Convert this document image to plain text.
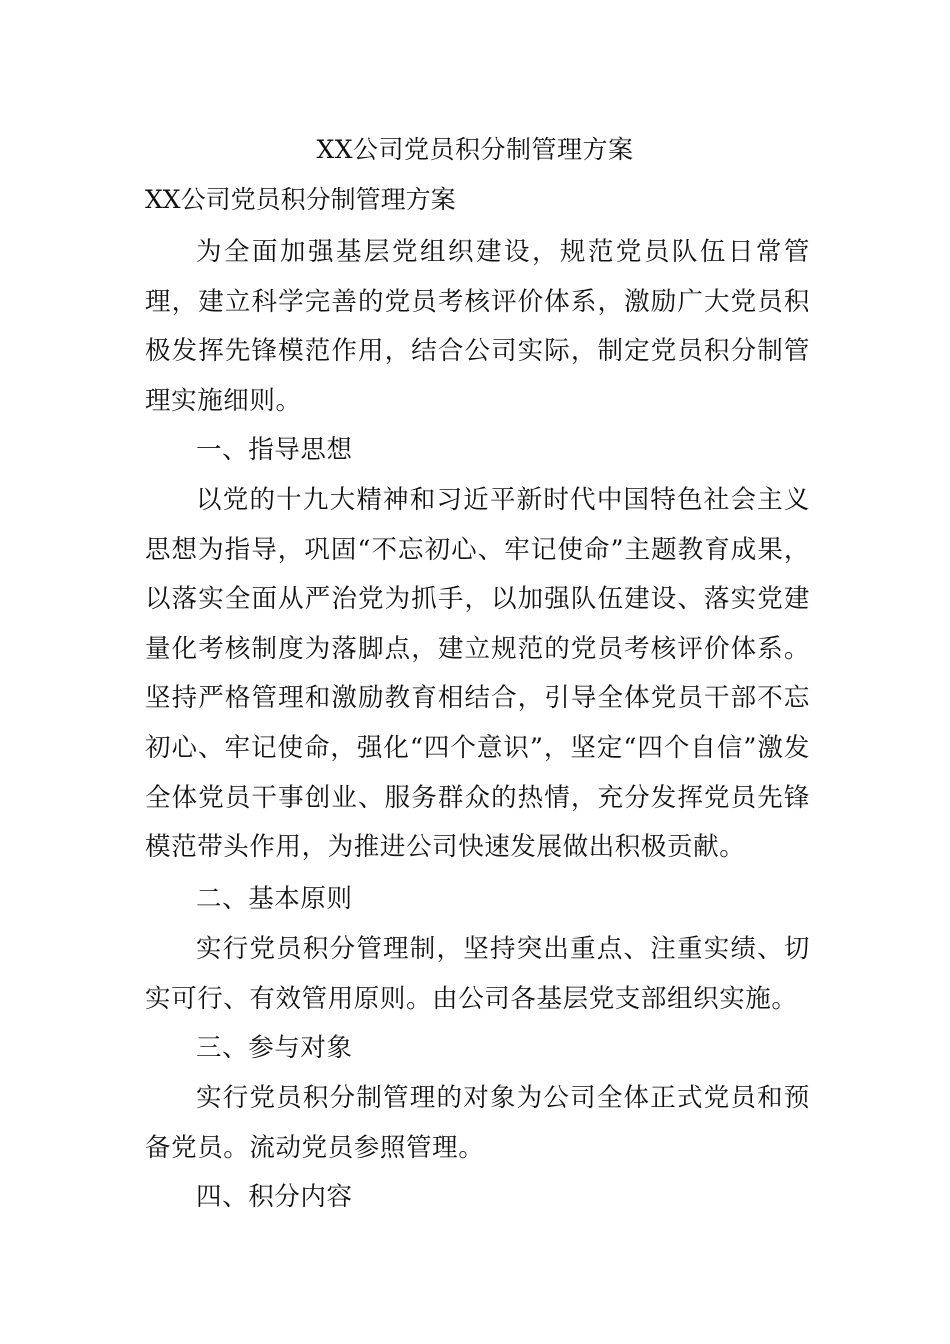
XX公司党员积分制管理方案
XX公司党员积分制管理方案

为全面加强基层党组织建设，规范党员队伍日常管理，建立科学完善的党员考核评价体系，激励广大党员积极发挥先锋模范作用，结合公司实际，制定党员积分制管理实施细则。

一、指导思想

以党的十九大精神和习近平新时代中国特色社会主义思想为指导，巩固“不忘初心、牢记使命”主题教育成果，以落实全面从严治党为抓手，以加强队伍建设、落实党建量化考核制度为落脚点，建立规范的党员考核评价体系。坚持严格管理和激励教育相结合，引导全体党员干部不忘初心、牢记使命，强化“四个意识”，坚定“四个自信”激发全体党员干事创业、服务群众的热情，充分发挥党员先锋模范带头作用，为推进公司快速发展做出积极贡献。

二、基本原则

实行党员积分管理制，坚持突出重点、注重实绩、切实可行、有效管用原则。由公司各基层党支部组织实施。

三、参与对象

实行党员积分制管理的对象为公司全体正式党员和预备党员。流动党员参照管理。

四、积分内容
